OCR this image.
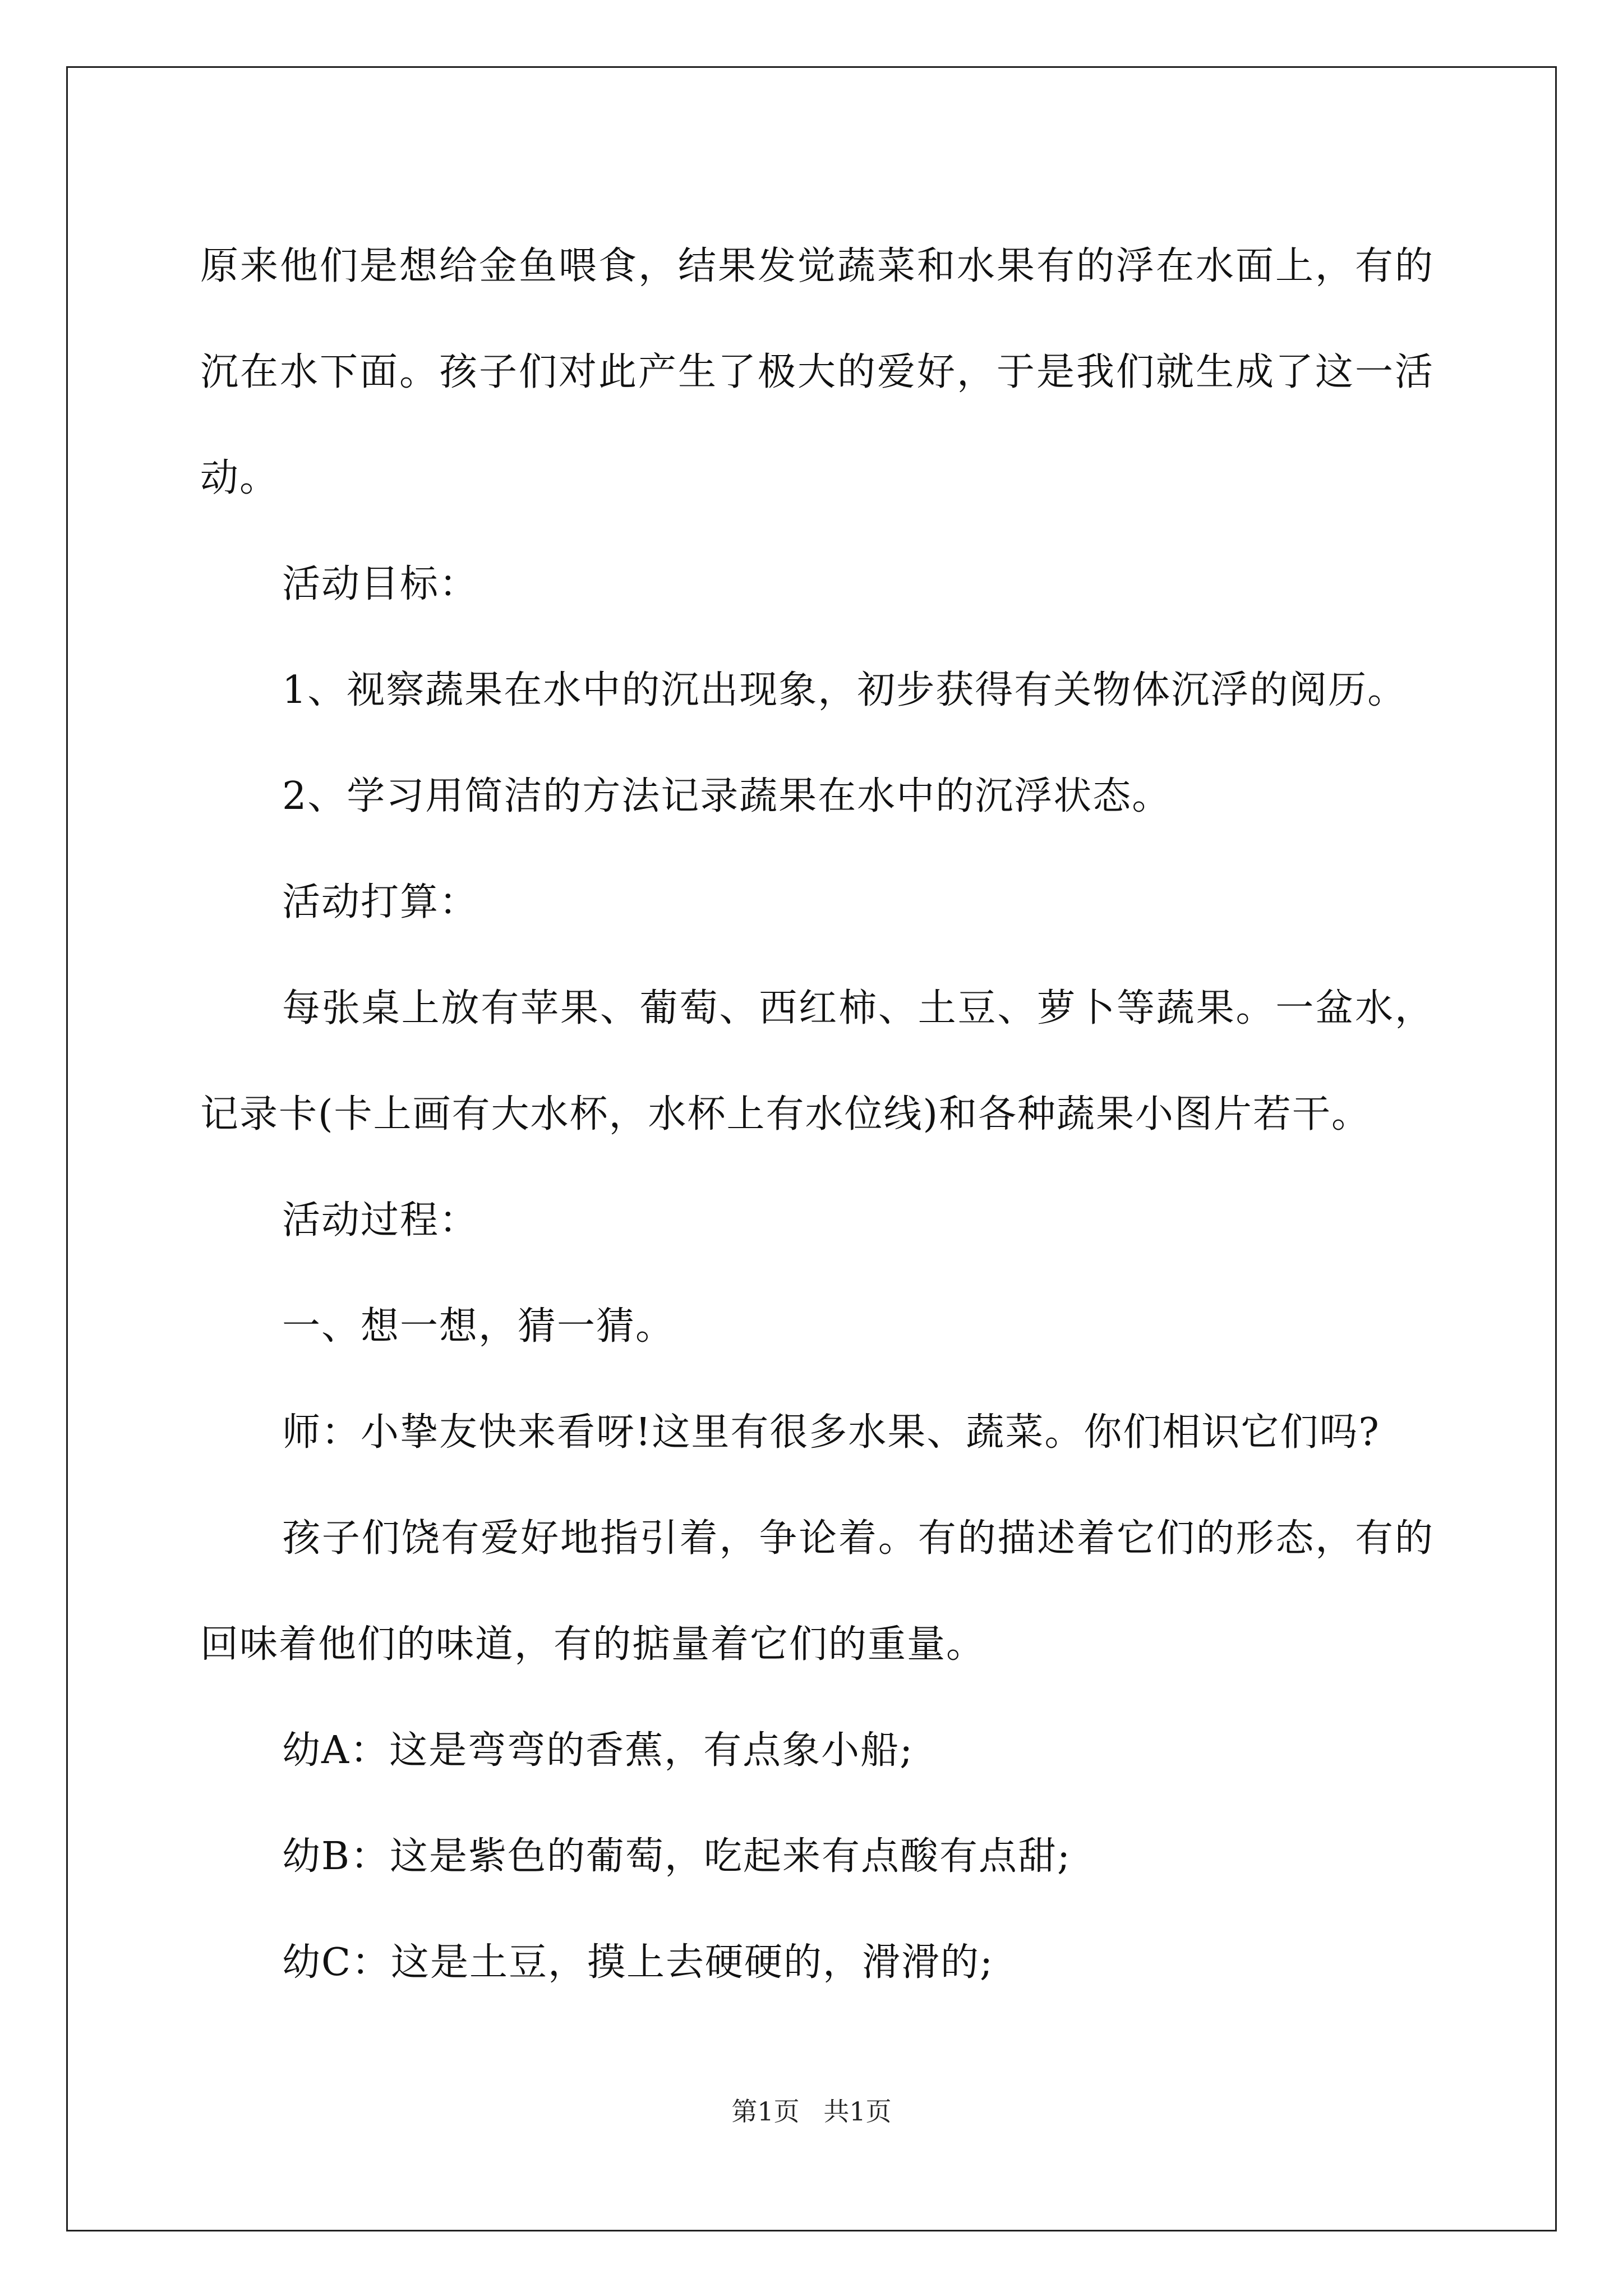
原来他们是想给金鱼喂食，结果发觉蔬菜和水果有的浮在水面上，有的沉在水下面。孩子们对此产生了极大的爱好，于是我们就生成了这一活动。

活动目标：

1、视察蔬果在水中的沉出现象，初步获得有关物体沉浮的阅历。

2、学习用简洁的方法记录蔬果在水中的沉浮状态。

活动打算：

每张桌上放有苹果、葡萄、西红柿、土豆、萝卜等蔬果。一盆水，记录卡(卡上画有大水杯，水杯上有水位线)和各种蔬果小图片若干。

活动过程：

一、想一想，猜一猜。

师：小挚友快来看呀!这里有很多水果、蔬菜。你们相识它们吗?

孩子们饶有爱好地指引着，争论着。有的描述着它们的形态，有的回味着他们的味道，有的掂量着它们的重量。

幼A：这是弯弯的香蕉，有点象小船;

幼B：这是紫色的葡萄，吃起来有点酸有点甜;

幼C：这是土豆，摸上去硬硬的，滑滑的;

第1页 共1页
